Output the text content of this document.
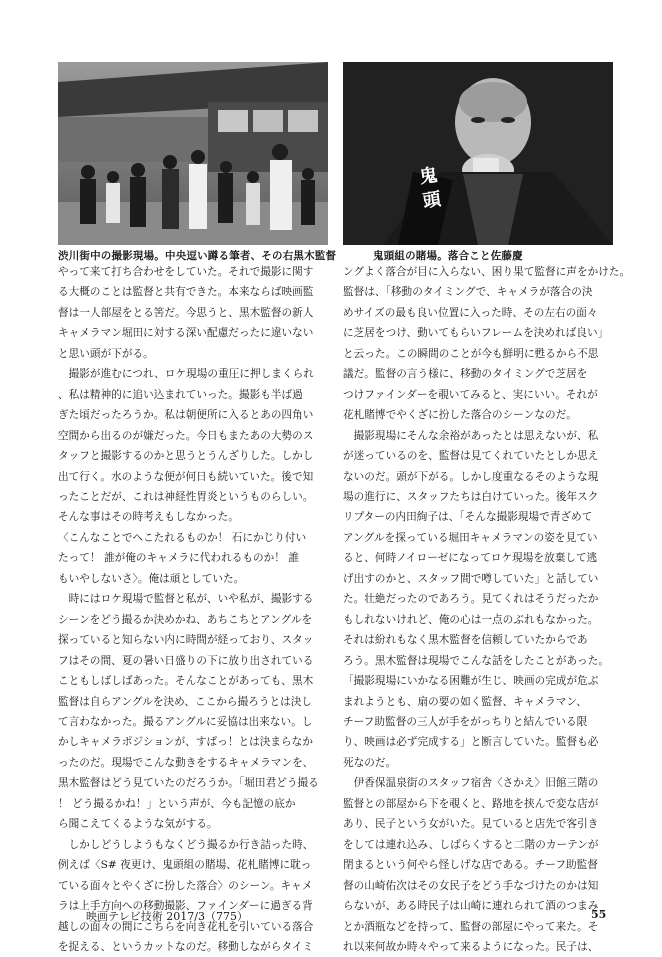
鬼 頭
渋川街中の撮影現場。中央逗い蹲る筆者、その右黒木監督	鬼頭組の賭場。落合こと佐藤慶

やって来て打ち合わせをしていた。それで撮影に関す

る大概のことは監督と共有できた。本来ならば映画監

督は一人部屋をとる筈だ。今思うと、黒木監督の新人

キャメラマン堀田に対する深い配慮だったに違いない

と思い頭が下がる。

　撮影が進むにつれ、ロケ現場の重圧に押しまくられ

、私は精神的に追い込まれていった。撮影も半ば過

ぎた頃だったろうか。私は朝便所に入るとあの四角い

空間から出るのが嫌だった。今日もまたあの大勢のス

タッフと撮影するのかと思うとうんざりした。しかし

出て行く。水のような便が何日も続いていた。後で知

ったことだが、これは神経性胃炎というものらしい。

そんな事はその時考えもしなかった。

〈こんなことでへこたれるものか！ 石にかじり付い

たって！ 誰が俺のキャメラに代われるものか！ 誰

もいやしないさ〉。俺は頑としていた。

　時にはロケ現場で監督と私が、いや私が、撮影する

シーンをどう撮るか決めかね、あちこちとアングルを

探っていると知らない内に時間が経っており、スタッ

フはその間、夏の暑い日盛りの下に放り出されている

こともしばしばあった。そんなことがあっても、黒木

監督は自らアングルを決め、ここから撮ろうとは決し

て言わなかった。撮るアングルに妥協は出来ない。し

かしキャメラポジションが、すぱっ！とは決まらなか

ったのだ。現場でこんな動きをするキャメラマンを、

黒木監督はどう見ていたのだろうか。「堀田君どう撮る

！ どう撮るかね！」という声が、今も記憶の底か

ら聞こえてくるような気がする。

　しかしどうしようもなくどう撮るか行き詰った時、

例えば〈S# 夜更け、鬼頭組の賭場、花札賭博に耽っ

ている面々とやくざに扮した落合〉のシーン。キャメ

ラは上手方向への移動撮影、ファインダーに過ぎる背

越しの面々の間にこちらを向き花札を引いている落合

を捉える、というカットなのだ。移動しながらタイミ

ングよく落合が目に入らない、困り果て監督に声をかけた。

監督は、「移動のタイミングで、キャメラが落合の決

めサイズの最も良い位置に入った時、その左右の面々

に芝居をつけ、動いてもらいフレームを決めれば良い」

と云った。この瞬間のことが今も鮮明に甦るから不思

議だ。監督の言う様に、移動のタイミングで芝居を

つけファインダーを覗いてみると、実にいい。それが

花札賭博でやくざに扮した落合のシーンなのだ。

　撮影現場にそんな余裕があったとは思えないが、私

が迷っているのを、監督は見てくれていたとしか思え

ないのだ。頭が下がる。しかし度重なるそのような現

場の進行に、スタッフたちは白けていった。後年スク

リプターの内田絢子は、「そんな撮影現場で青ざめて

アングルを探っている堀田キャメラマンの姿を見てい

ると、何時ノイローゼになってロケ現場を放棄して逃

げ出すのかと、スタッフ間で噂していた」と話してい

た。壮絶だったのであろう。見てくれはそうだったか

もしれないけれど、俺の心は一点のぶれもなかった。

それは紛れもなく黒木監督を信頼していたからであ

ろう。黒木監督は現場でこんな話をしたことがあった。

「撮影現場にいかなる困難が生じ、映画の完成が危ぶ

まれようとも、扇の要の如く監督、キャメラマン、

チーフ助監督の三人が手をがっちりと結んでいる限

り、映画は必ず完成する」と断言していた。監督も必

死なのだ。

　伊香保温泉街のスタッフ宿舎〈さかえ〉旧館三階の

監督との部屋から下を覗くと、路地を挟んで変な店が

あり、民子という女がいた。見ていると店先で客引き

をしては連れ込み、しばらくすると二階のカーテンが

閉まるという何やら怪しげな店である。チーフ助監督

督の山崎佑次はその女民子をどう手なづけたのかは知

らないが、ある時民子は山崎に連れられて酒のつまみ

とか酒瓶などを持って、監督の部屋にやって来た。そ

れ以来何故か時々やって来るようになった。民子は、

映画テレビ技術 2017/3（775）	55
